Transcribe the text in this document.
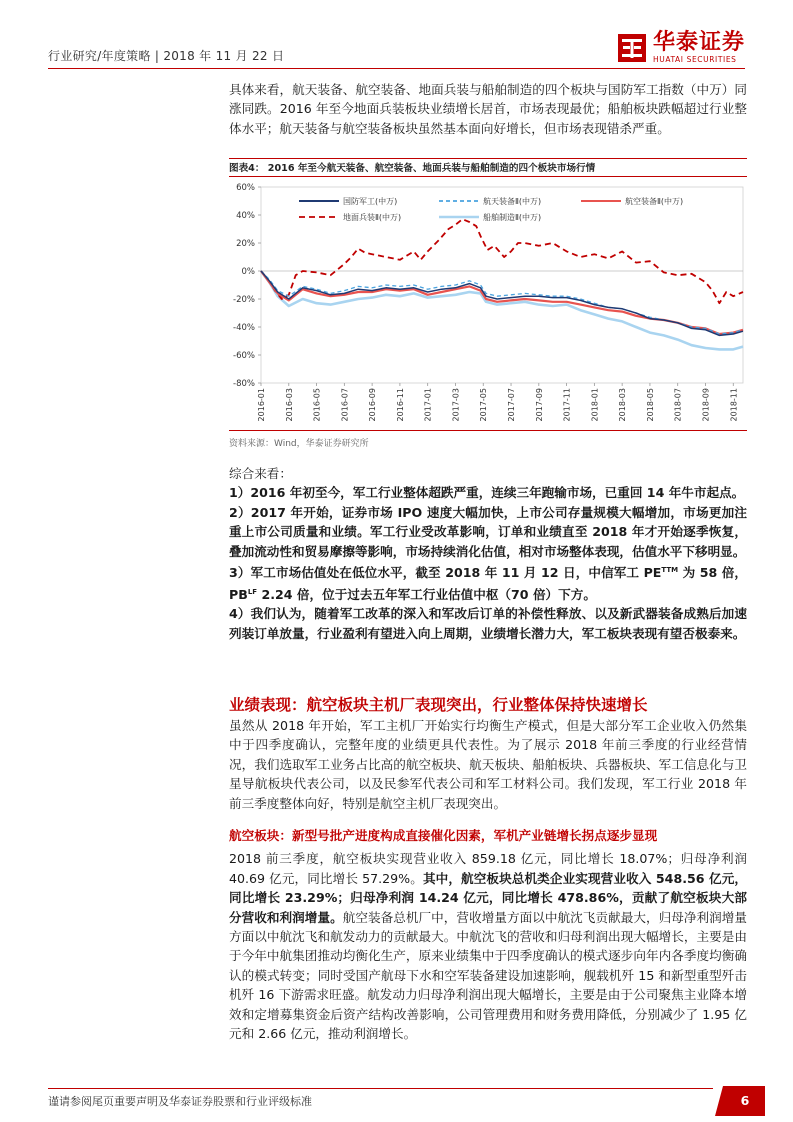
行业研究/年度策略 | 2018 年 11 月 22 日
华泰证券
HUATAI SECURITIES

具体来看，航天装备、航空装备、地面兵装与船舶制造的四个板块与国防军工指数（中万）同涨同跌。2016 年至今地面兵装板块业绩增长居首，市场表现最优；船舶板块跌幅超过行业整体水平；航天装备与航空装备板块虽然基本面向好增长，但市场表现错杀严重。

图表4： 2016 年至今航天装备、航空装备、地面兵装与船舶制造的四个板块市场行情
60%
40%
20%
0%
-20%
-40%
-60%
-80%
2016-01 2016-03 2016-05 2016-07 2016-09 2016-11 2017-01 2017-03 2017-05 2017-07 2017-09 2017-11 2018-01 2018-03 2018-05 2018-07 2018-09 2018-11
国防军工(中万)	航天装备Ⅱ(中万)	航空装备Ⅱ(中万)
地面兵装Ⅱ(中万)	船舶制造Ⅱ(中万)
资料来源：Wind，华泰证券研究所

综合来看：

1）2016 年初至今，军工行业整体超跌严重，连续三年跑输市场，已重回 14 年牛市起点。

2）2017 年开始，证券市场 IPO 速度大幅加快，上市公司存量规模大幅增加，市场更加注重上市公司质量和业绩。军工行业受改革影响，订单和业绩直至 2018 年才开始逐季恢复，叠加流动性和贸易摩擦等影响，市场持续消化估值，相对市场整体表现，估值水平下移明显。

3）军工市场估值处在低位水平，截至 2018 年 11 月 12 日，中信军工 $PE^{TTM}$ 为 58 倍，$PB^{LF}$ 2.24 倍，位于过去五年军工行业估值中枢（70 倍）下方。

4）我们认为，随着军工改革的深入和军改后订单的补偿性释放、以及新武器装备成熟后加速列装订单放量，行业盈利有望进入向上周期，业绩增长潜力大，军工板块表现有望否极泰来。

业绩表现：航空板块主机厂表现突出，行业整体保持快速增长

虽然从 2018 年开始，军工主机厂开始实行均衡生产模式，但是大部分军工企业收入仍然集中于四季度确认，完整年度的业绩更具代表性。为了展示 2018 年前三季度的行业经营情况，我们选取军工业务占比高的航空板块、航天板块、船舶板块、兵器板块、军工信息化与卫星导航板块代表公司，以及民参军代表公司和军工材料公司。我们发现，军工行业 2018 年前三季度整体向好，特别是航空主机厂表现突出。

航空板块：新型号批产进度构成直接催化因素，军机产业链增长拐点逐步显现

2018 前三季度，航空板块实现营业收入 859.18 亿元，同比增长 18.07%；归母净利润 40.69 亿元，同比增长 57.29%。其中，航空板块总机类企业实现营业收入 548.56 亿元，同比增长 23.29%；归母净利润 14.24 亿元，同比增长 478.86%，贡献了航空板块大部分营收和利润增量。航空装备总机厂中，营收增量方面以中航沈飞贡献最大，归母净利润增量方面以中航沈飞和航发动力的贡献最大。中航沈飞的营收和归母利润出现大幅增长，主要是由于今年中航集团推动均衡化生产，原来业绩集中于四季度确认的模式逐步向年内各季度均衡确认的模式转变；同时受国产航母下水和空军装备建设加速影响，舰载机歼 15 和新型重型歼击机歼 16 下游需求旺盛。航发动力归母净利润出现大幅增长，主要是由于公司聚焦主业降本增效和定增募集资金后资产结构改善影响，公司管理费用和财务费用降低，分别减少了 1.95 亿元和 2.66 亿元，推动利润增长。

谨请参阅尾页重要声明及华泰证券股票和行业评级标准	6
